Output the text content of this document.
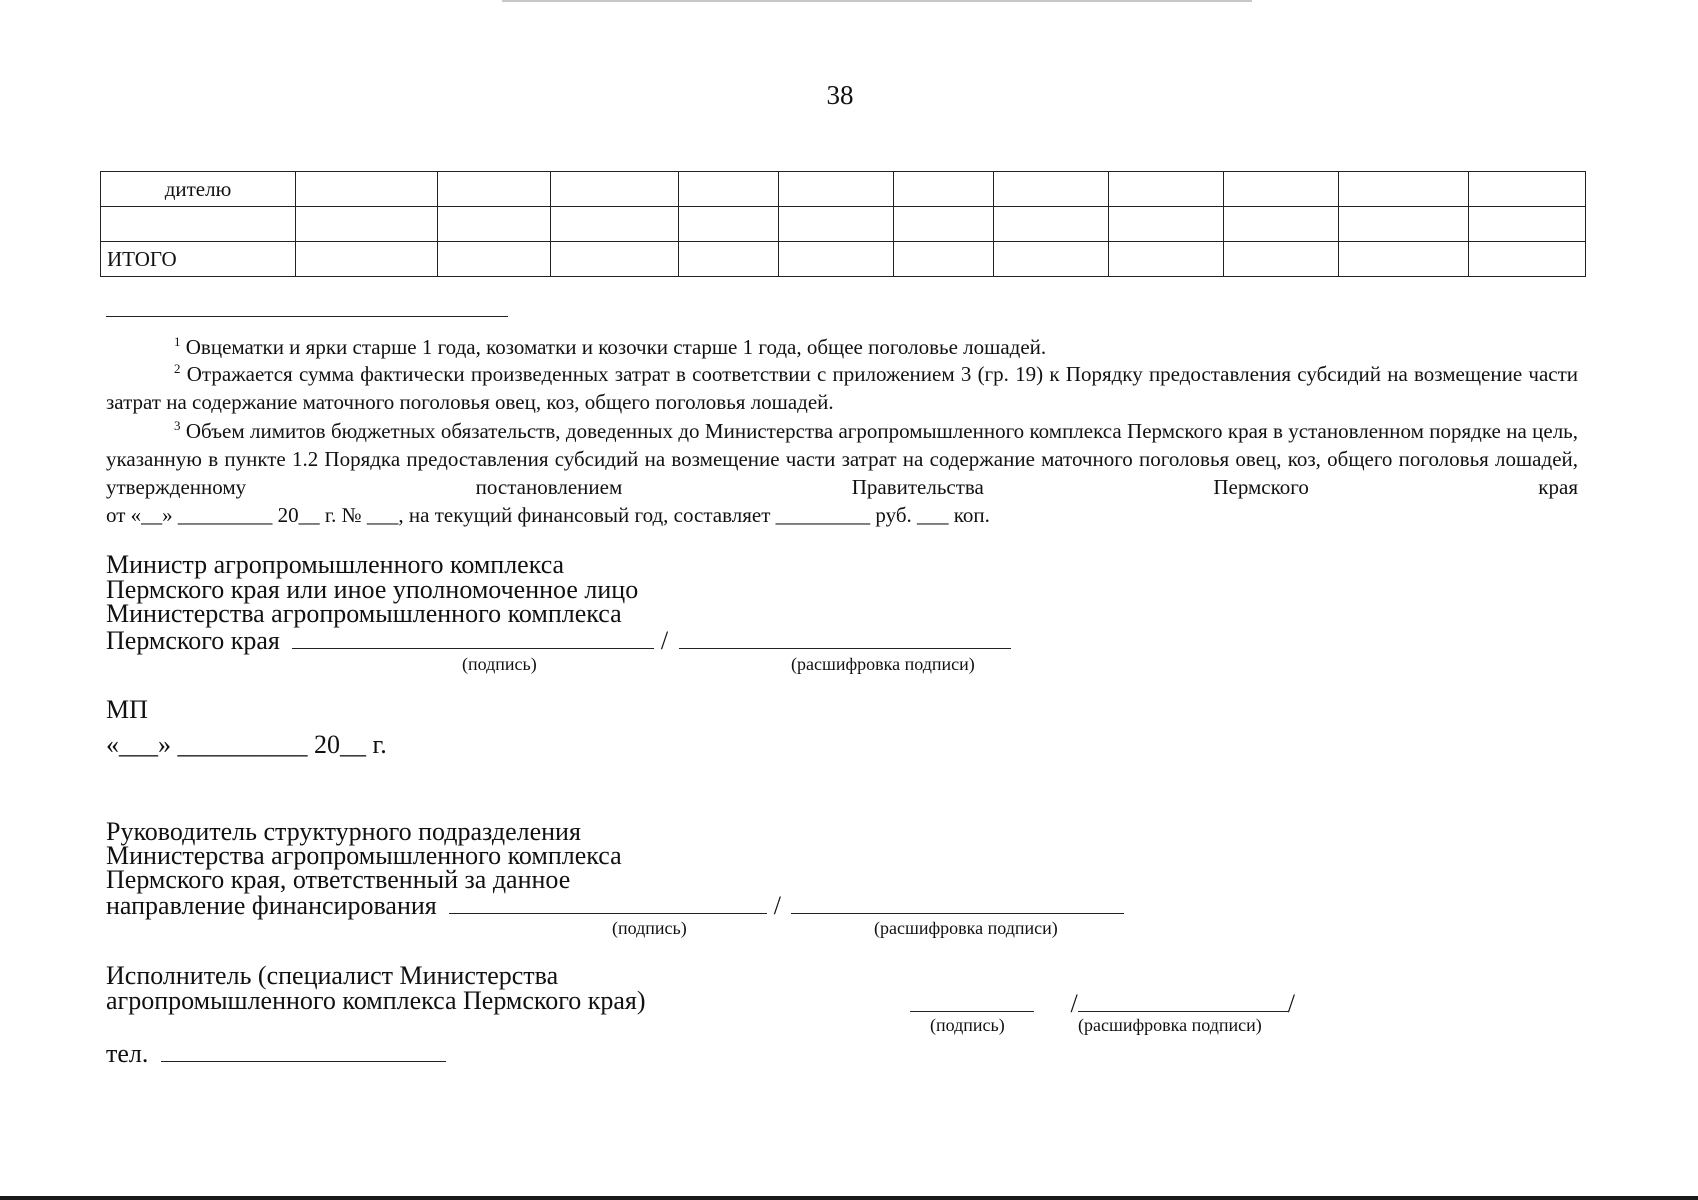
38
дителю											

ИТОГО											
$^1$ Овцематки и ярки старше 1 года, козоматки и козочки старше 1 года, общее поголовье лошадей.
$^2$ Отражается сумма фактически произведенных затрат в соответствии с приложением 3 (гр. 19) к Порядку предоставления субсидий на возмещение части затрат на содержание маточного поголовья овец, коз, общего поголовья лошадей.
$^3$ Объем лимитов бюджетных обязательств, доведенных до Министерства агропромышленного комплекса Пермского края в установленном порядке на цель, указанную в пункте 1.2 Порядка предоставления субсидий на возмещение части затрат на содержание маточного поголовья овец, коз, общего поголовья лошадей, утвержденному постановлением Правительства Пермского края
от «__» _________ 20__ г. № ___, на текущий финансовый год, составляет _________ руб. ___ коп.
Министр агропромышленного комплекса
Пермского края или иное уполномоченное лицо
Министерства агропромышленного комплекса
Пермского края	/
(подпись)	(расшифровка подписи)
МП
«___» __________ 20__ г.
Руководитель структурного подразделения
Министерства агропромышленного комплекса
Пермского края, ответственный за данное
направление финансирования	/
(подпись)	(расшифровка подписи)
Исполнитель (специалист Министерства
агропромышленного комплекса Пермского края)	/	/
(подпись)	(расшифровка подписи)
тел.
